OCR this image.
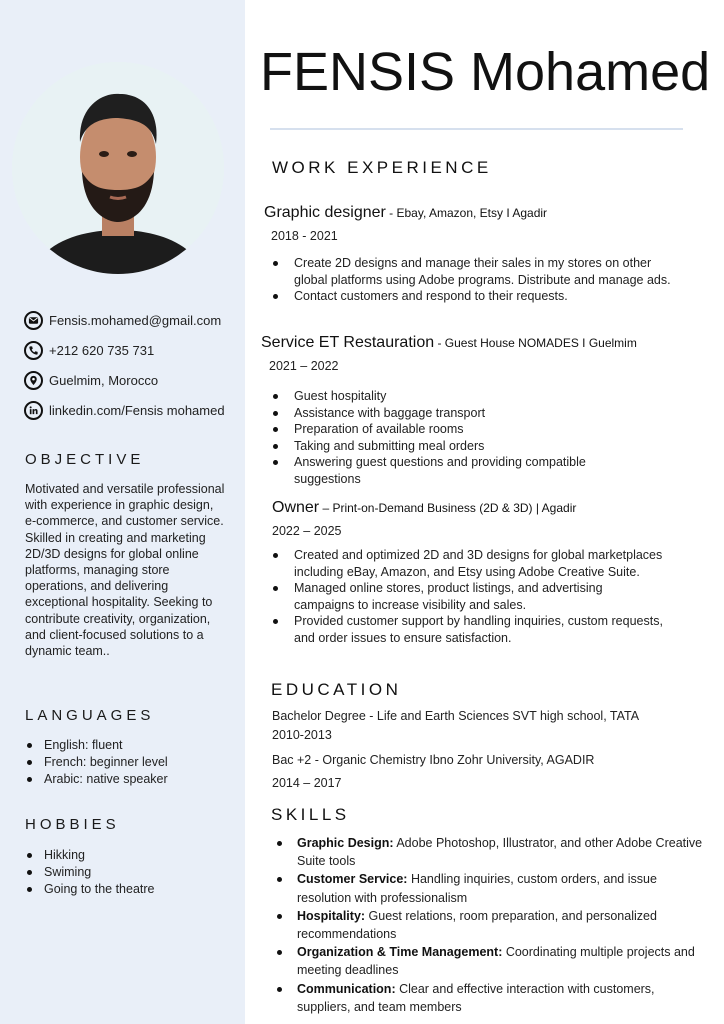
Fensis.mohamed@gmail.com
+212 620 735 731
Guelmim, Morocco
linkedin.com/Fensis mohamed
OBJECTIVE

Motivated and versatile professional with experience in graphic design, e-commerce, and customer service. Skilled in creating and marketing 2D/3D designs for global online platforms, managing store operations, and delivering exceptional hospitality. Seeking to contribute creativity, organization, and client-focused solutions to a dynamic team..

LANGUAGES
English: fluent
French: beginner level
Arabic: native speaker
HOBBIES
Hikking
Swiming
Going to the theatre
FENSIS Mohamed
WORK EXPERIENCE
Graphic designer - Ebay, Amazon, Etsy I Agadir
2018 - 2021
Create 2D designs and manage their sales in my stores on other global platforms using Adobe programs. Distribute and manage ads.
Contact customers and respond to their requests.
Service ET Restauration - Guest House NOMADES I Guelmim
2021 – 2022
Guest hospitality
Assistance with baggage transport
Preparation of available rooms
Taking and submitting meal orders
Answering guest questions and providing compatible suggestions
Owner – Print-on-Demand Business (2D & 3D) | Agadir
2022 – 2025
Created and optimized 2D and 3D designs for global marketplaces including eBay, Amazon, and Etsy using Adobe Creative Suite.
Managed online stores, product listings, and advertising campaigns to increase visibility and sales.
Provided customer support by handling inquiries, custom requests, and order issues to ensure satisfaction.
EDUCATION
Bachelor Degree - Life and Earth Sciences SVT high school, TATA
2010-2013
Bac +2 - Organic Chemistry Ibno Zohr University, AGADIR
2014 – 2017
SKILLS
Graphic Design: Adobe Photoshop, Illustrator, and other Adobe Creative Suite tools
Customer Service: Handling inquiries, custom orders, and issue resolution with professionalism
Hospitality: Guest relations, room preparation, and personalized recommendations
Organization & Time Management: Coordinating multiple projects and meeting deadlines
Communication: Clear and effective interaction with customers, suppliers, and team members
